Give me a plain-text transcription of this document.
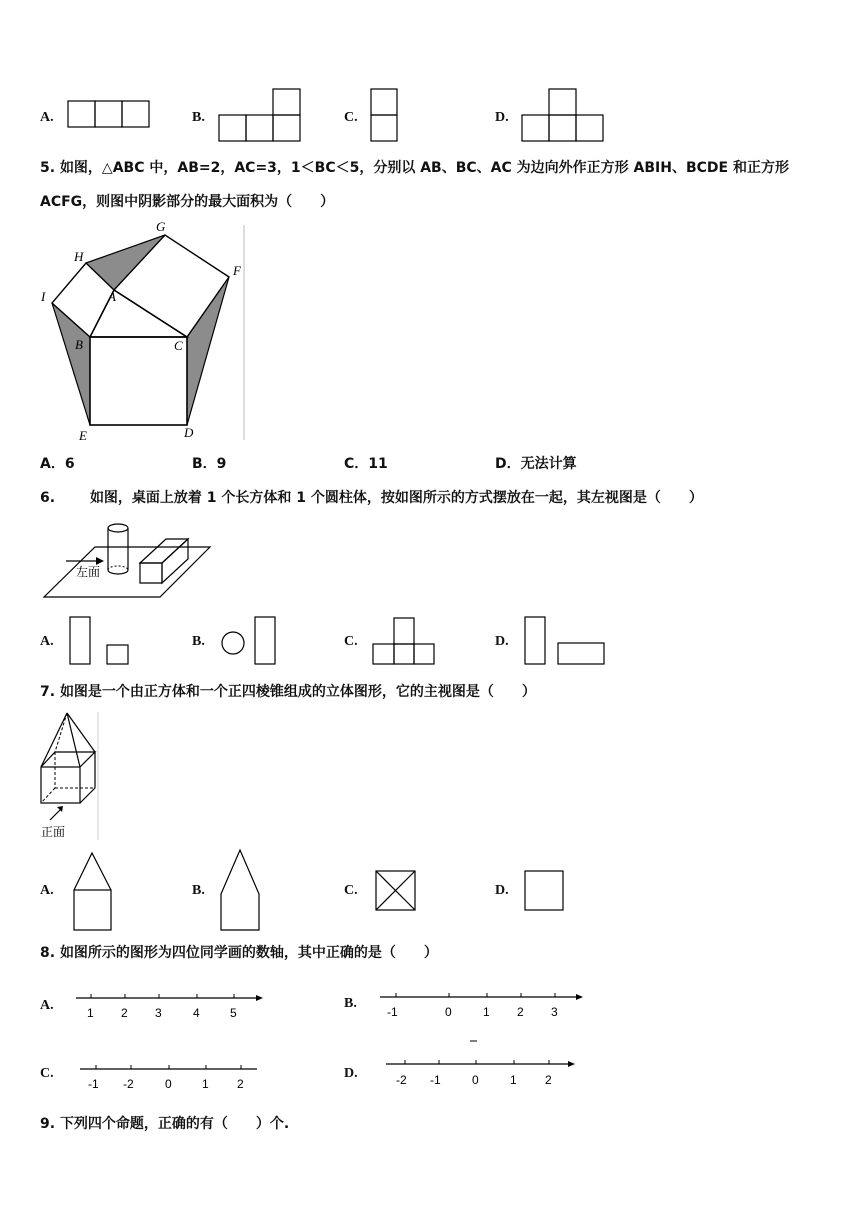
A.	B.	C.	D.
5. 如图，△ABC 中，AB=2，AC=3，1＜BC＜5，分别以 AB、BC、AC 为边向外作正方形 ABIH、BCDE 和正方形
ACFG，则图中阴影部分的最大面积为（　　）
H
G
F
I	A
B	C
E	D
A．6	B．9	C．11	D．无法计算
6. 如图，桌面上放着 1 个长方体和 1 个圆柱体，按如图所示的方式摆放在一起，其左视图是（　　）
左面
A.	B.	C.	D.
7. 如图是一个由正方体和一个正四棱锥组成的立体图形，它的主视图是（　　）
正面
A.	B.	C.	D.
8. 如图所示的图形为四位同学画的数轴，其中正确的是（　　）
A.	B.
C.	D.
1 2 3	4	5	-1	0	1 2 3
-1 -2	0	1 2	-2 -1	0	1 2
9. 下列四个命题，正确的有（　　）个.
